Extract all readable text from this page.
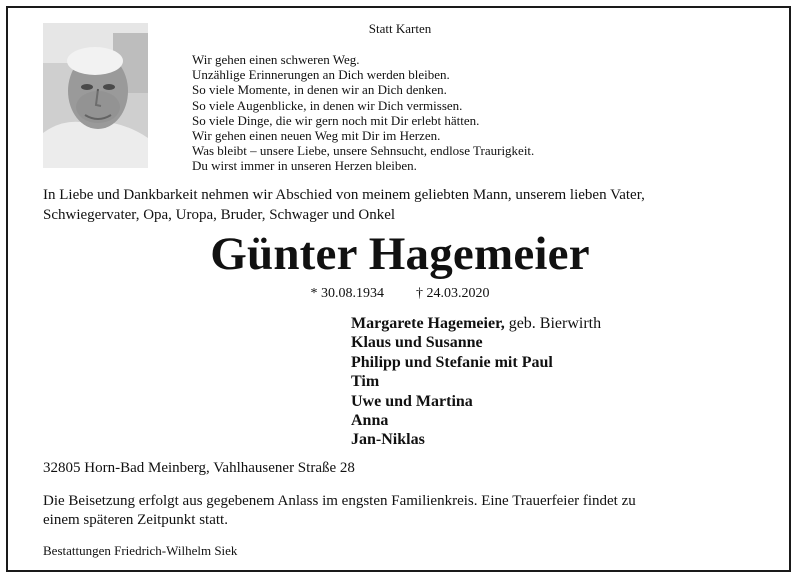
Statt Karten
Wir gehen einen schweren Weg.
Unzählige Erinnerungen an Dich werden bleiben.
So viele Momente, in denen wir an Dich denken.
So viele Augenblicke, in denen wir Dich vermissen.
So viele Dinge, die wir gern noch mit Dir erlebt hätten.
Wir gehen einen neuen Weg mit Dir im Herzen.
Was bleibt – unsere Liebe, unsere Sehnsucht, endlose Traurigkeit.
Du wirst immer in unseren Herzen bleiben.
In Liebe und Dankbarkeit nehmen wir Abschied von meinem geliebten Mann, unserem lieben Vater,
Schwiegervater, Opa, Uropa, Bruder, Schwager und Onkel
Günter Hagemeier
* 30.08.1934 † 24.03.2020
Margarete Hagemeier, geb. Bierwirth
Klaus und Susanne
Philipp und Stefanie mit Paul
Tim
Uwe und Martina
Anna
Jan-Niklas
32805 Horn-Bad Meinberg, Vahlhausener Straße 28
Die Beisetzung erfolgt aus gegebenem Anlass im engsten Familienkreis. Eine Trauerfeier findet zu
einem späteren Zeitpunkt statt.
Bestattungen Friedrich-Wilhelm Siek
